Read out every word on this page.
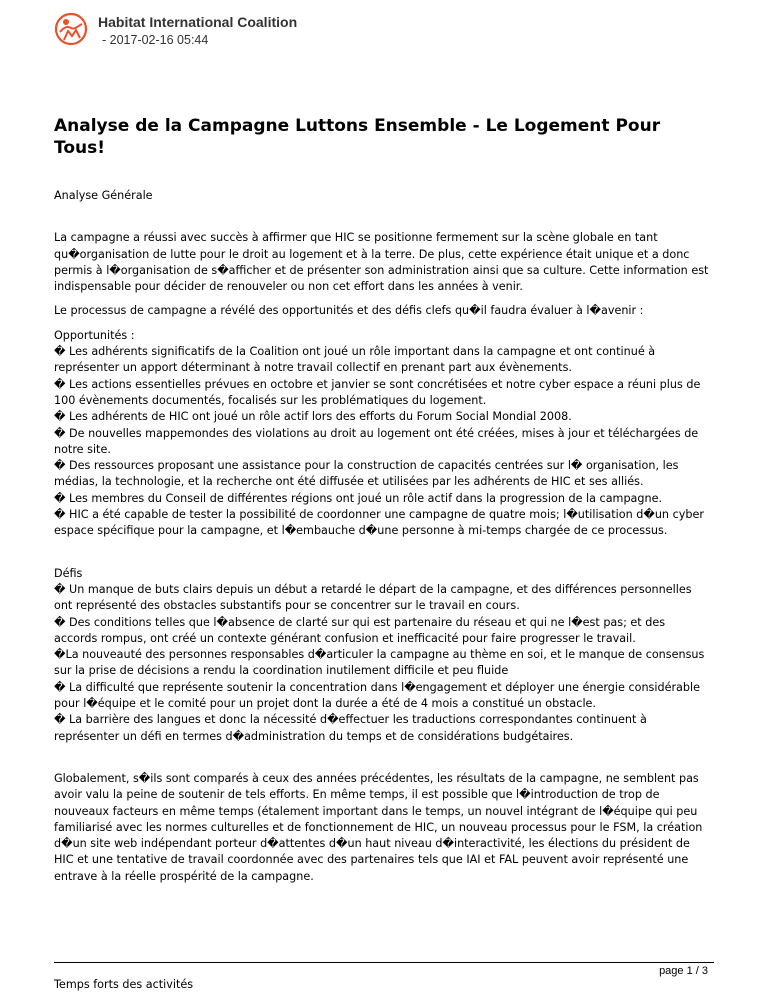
Habitat International Coalition
- 2017-02-16 05:44
Analyse de la Campagne Luttons Ensemble - Le Logement Pour Tous!

Analyse Générale

La campagne a réussi avec succès à affirmer que HIC se positionne fermement sur la scène globale en tant qu�organisation de lutte pour le droit au logement et à la terre. De plus, cette expérience était unique et a donc permis à l�organisation de s�afficher et de présenter son administration ainsi que sa culture. Cette information est indispensable pour décider de renouveler ou non cet effort dans les années à venir.

Le processus de campagne a révélé des opportunités et des défis clefs qu�il faudra évaluer à l�avenir :

Opportunités :

� Les adhérents significatifs de la Coalition ont joué un rôle important dans la campagne et ont continué à représenter un apport déterminant à notre travail collectif en prenant part aux évènements.

� Les actions essentielles prévues en octobre et janvier se sont concrétisées et notre cyber espace a réuni plus de 100 évènements documentés, focalisés sur les problématiques du logement.

� Les adhérents de HIC ont joué un rôle actif lors des efforts du Forum Social Mondial 2008.

� De nouvelles mappemondes des violations au droit au logement ont été créées, mises à jour et téléchargées de notre site.

� Des ressources proposant une assistance pour la construction de capacités centrées sur l� organisation, les médias, la technologie, et la recherche ont été diffusée et utilisées par les adhérents de HIC et ses alliés.

� Les membres du Conseil de différentes régions ont joué un rôle actif dans la progression de la campagne.

� HIC a été capable de tester la possibilité de coordonner une campagne de quatre mois; l�utilisation d�un cyber espace spécifique pour la campagne, et l�embauche d�une personne à mi-temps chargée de ce processus.

Défis

� Un manque de buts clairs depuis un début a retardé le départ de la campagne, et des différences personnelles ont représenté des obstacles substantifs pour se concentrer sur le travail en cours.

� Des conditions telles que l�absence de clarté sur qui est partenaire du réseau et qui ne l�est pas; et des accords rompus, ont créé un contexte générant confusion et inefficacité pour faire progresser le travail.

�La nouveauté des personnes responsables d�articuler la campagne au thème en soi, et le manque de consensus sur la prise de décisions a rendu la coordination inutilement difficile et peu fluide

� La difficulté que représente soutenir la concentration dans l�engagement et déployer une énergie considérable pour l�équipe et le comité pour un projet dont la durée a été de 4 mois a constitué un obstacle.

� La barrière des langues et donc la nécessité d�effectuer les traductions correspondantes continuent à représenter un défi en termes d�administration du temps et de considérations budgétaires.

Globalement, s�ils sont comparés à ceux des années précédentes, les résultats de la campagne, ne semblent pas avoir valu la peine de soutenir de tels efforts. En même temps, il est possible que l�introduction de trop de nouveaux facteurs en même temps (étalement important dans le temps, un nouvel intégrant de l�équipe qui peu familiarisé avec les normes culturelles et de fonctionnement de HIC, un nouveau processus pour le FSM, la création d�un site web indépendant porteur d�attentes d�un haut niveau d�interactivité, les élections du président de HIC et une tentative de travail coordonnée avec des partenaires tels que IAI et FAL peuvent avoir représenté une entrave à la réelle prospérité de la campagne.

Temps forts des activités

page 1 / 3
